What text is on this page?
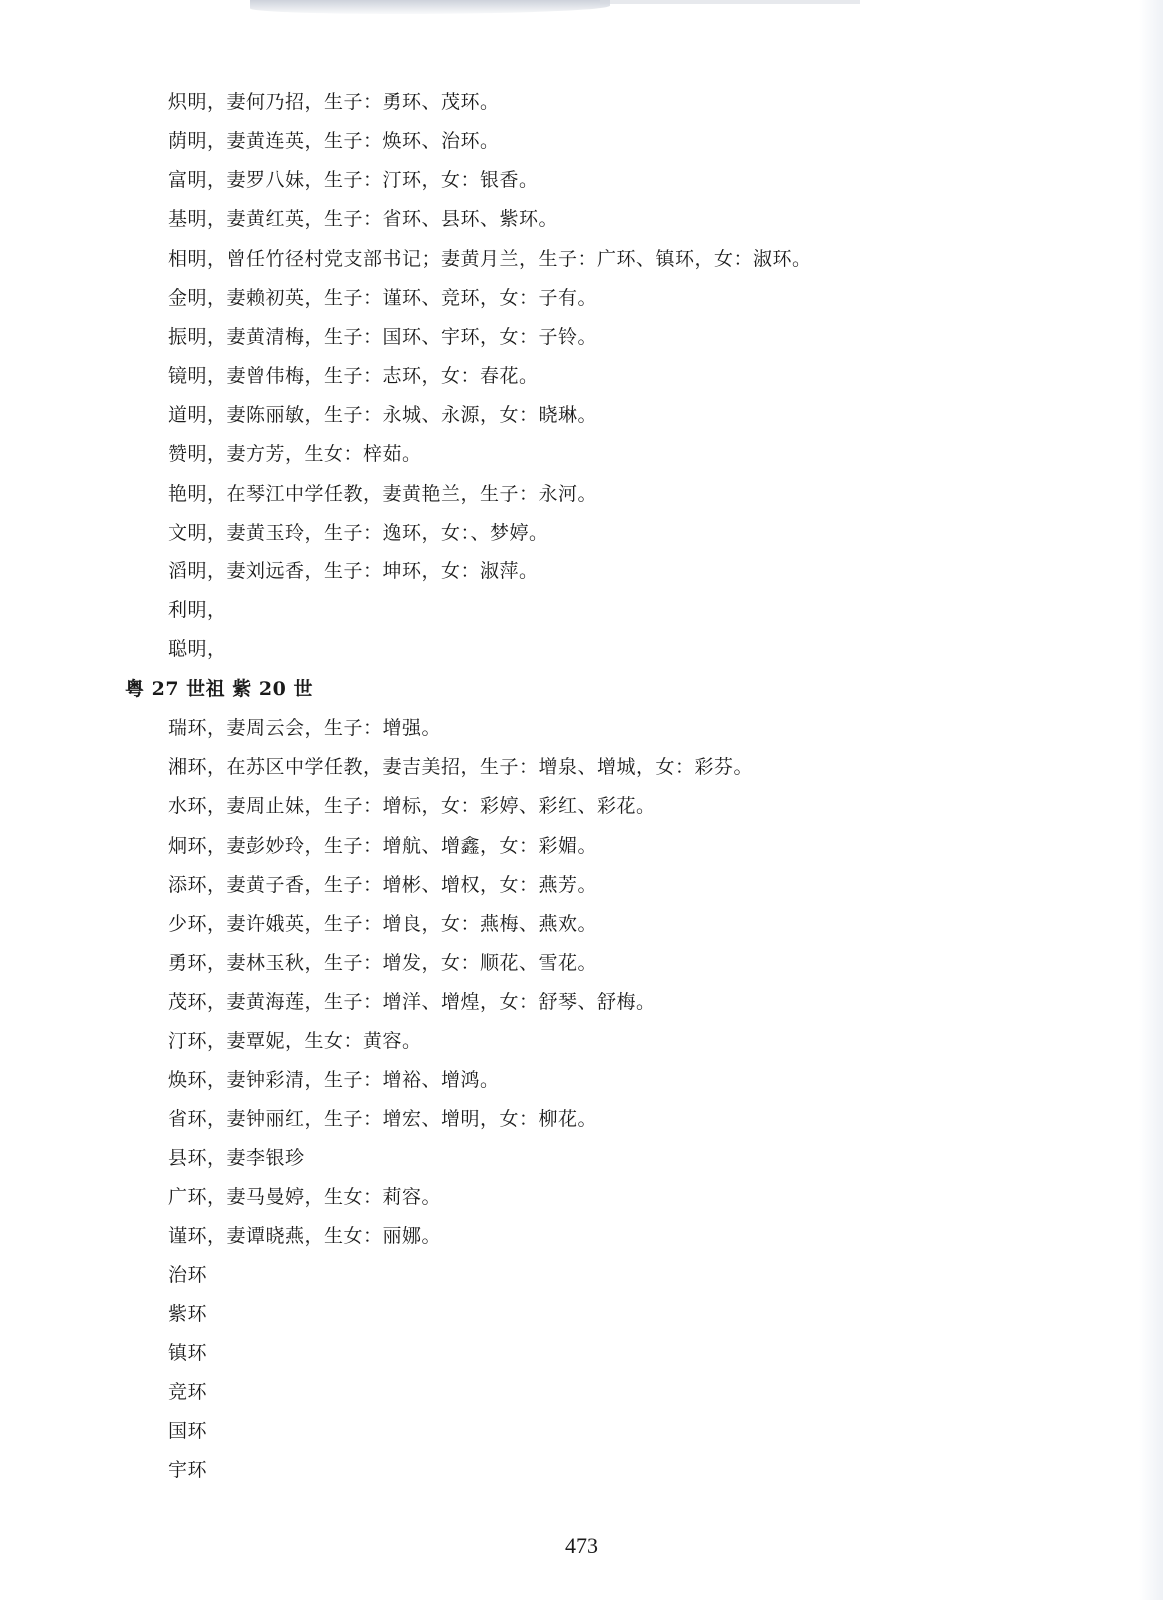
炽明，妻何乃招，生子：勇环、茂环。
荫明，妻黄连英，生子：焕环、治环。
富明，妻罗八妹，生子：汀环，女：银香。
基明，妻黄红英，生子：省环、县环、紫环。
相明，曾任竹径村党支部书记；妻黄月兰，生子：广环、镇环，女：淑环。
金明，妻赖初英，生子：谨环、竞环，女：子有。
振明，妻黄清梅，生子：国环、宇环，女：子铃。
镜明，妻曾伟梅，生子：志环，女：春花。
道明，妻陈丽敏，生子：永城、永源，女：晓琳。
赞明，妻方芳，生女：梓茹。
艳明，在琴江中学任教，妻黄艳兰，生子：永河。
文明，妻黄玉玲，生子：逸环，女：、梦婷。
滔明，妻刘远香，生子：坤环，女：淑萍。
利明，
聪明，
粤 27 世祖 紫 20 世
瑞环，妻周云会，生子：增强。
湘环，在苏区中学任教，妻吉美招，生子：增泉、增城，女：彩芬。
水环，妻周止妹，生子：增标，女：彩婷、彩红、彩花。
炯环，妻彭妙玲，生子：增航、增鑫，女：彩媚。
添环，妻黄子香，生子：增彬、增权，女：燕芳。
少环，妻许娥英，生子：增良，女：燕梅、燕欢。
勇环，妻林玉秋，生子：增发，女：顺花、雪花。
茂环，妻黄海莲，生子：增洋、增煌，女：舒琴、舒梅。
汀环，妻覃妮，生女：黄容。
焕环，妻钟彩清，生子：增裕、增鸿。
省环，妻钟丽红，生子：增宏、增明，女：柳花。
县环，妻李银珍
广环，妻马曼婷，生女：莉容。
谨环，妻谭晓燕，生女：丽娜。
治环
紫环
镇环
竞环
国环
宇环
473
